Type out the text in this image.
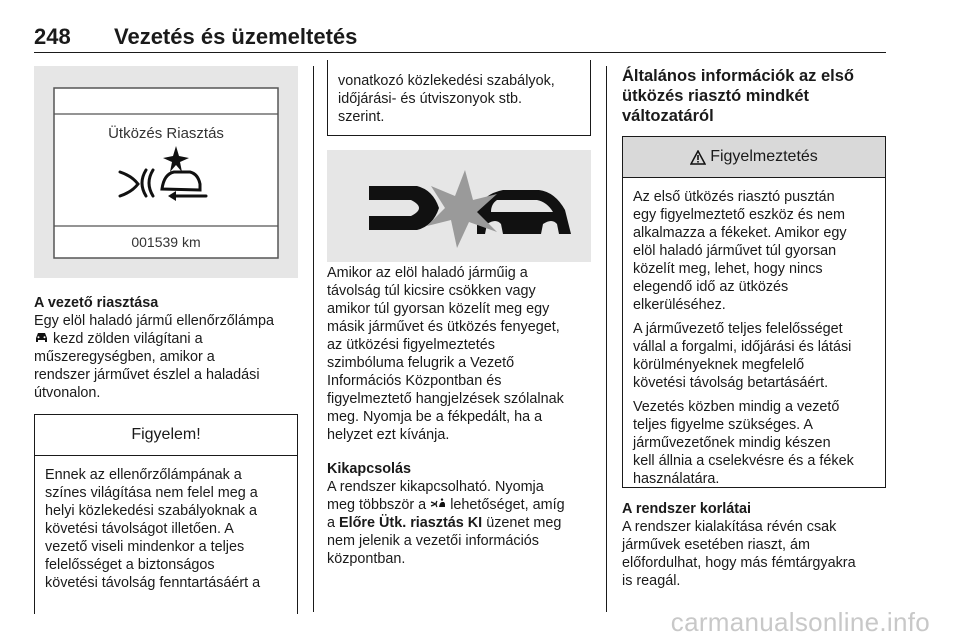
248 Vezetés és üzemeltetés
Ütközés Riasztás
001539 km

A vezető riasztása

Egy elöl haladó jármű ellenőrzőlámpa

kezd zölden világítani a

műszeregységben, amikor a

rendszer járművet észlel a haladási

útvonalon.

Figyelem!

Ennek az ellenőrzőlámpának a

színes világítása nem felel meg a

helyi közlekedési szabályoknak a

követési távolságot illetően. A

vezető viseli mindenkor a teljes

felelősséget a biztonságos

követési távolság fenntartásáért a

vonatkozó közlekedési szabályok,

időjárási- és útviszonyok stb.

szerint.

Amikor az elöl haladó járműig a

távolság túl kicsire csökken vagy

amikor túl gyorsan közelít meg egy

másik járművet és ütközés fenyeget,

az ütközési figyelmeztetés

szimbóluma felugrik a Vezető

Információs Központban és

figyelmeztető hangjelzések szólalnak

meg. Nyomja be a fékpedált, ha a

helyzet ezt kívánja.

Kikapcsolás

A rendszer kikapcsolható. Nyomja

meg többször a lehetőséget, amíg

a Előre Ütk. riasztás KI üzenet meg

nem jelenik a vezetői információs

központban.

Általános információk az első

ütközés riasztó mindkét

változatáról

Figyelmeztetés

Az első ütközés riasztó pusztán
egy figyelmeztető eszköz és nem
alkalmazza a fékeket. Amikor egy
elöl haladó járművet túl gyorsan
közelít meg, lehet, hogy nincs
elegendő idő az ütközés
elkerüléséhez.

A járművezető teljes felelősséget
vállal a forgalmi, időjárási és látási
körülményeknek megfelelő
követési távolság betartásáért.

Vezetés közben mindig a vezető
teljes figyelme szükséges. A
járművezetőnek mindig készen
kell állnia a cselekvésre és a fékek
használatára.

A rendszer korlátai

A rendszer kialakítása révén csak

járművek esetében riaszt, ám

előfordulhat, hogy más fémtárgyakra

is reagál.

carmanualsonline.info
